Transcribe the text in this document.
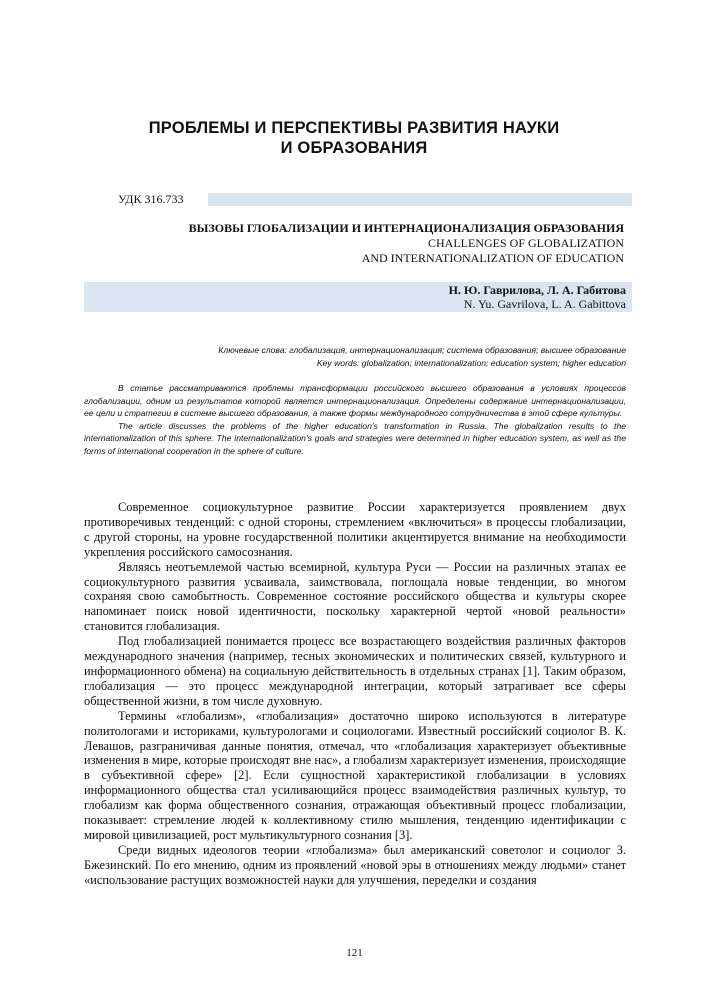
ПРОБЛЕМЫ И ПЕРСПЕКТИВЫ РАЗВИТИЯ НАУКИ
И ОБРАЗОВАНИЯ
УДК 316.733
ВЫЗОВЫ ГЛОБАЛИЗАЦИИ И ИНТЕРНАЦИОНАЛИЗАЦИЯ ОБРАЗОВАНИЯ
CHALLENGES OF GLOBALIZATION
AND INTERNATIONALIZATION OF EDUCATION
Н. Ю. Гаврилова, Л. А. Габитова
N. Yu. Gavrilova, L. A. Gabittova
Ключевые слова: глобализация, интернационализация; система образования; высшее образование
Key words: globalization; internationalization; education system; higher education

В статье рассматриваются проблемы трансформации российского высшего образования в условиях процессов глобализации, одним из результатов которой является интернационализация. Определены содержание интернационализации, ее цели и стратегии в системе высшего образования, а также формы международного сотрудничества в этой сфере культуры.

The article discusses the problems of the higher education's transformation in Russia. The globalization results to the internationalization of this sphere. The internationalization's goals and strategies were determined in higher education system, as well as the forms of international cooperation in the sphere of culture.

Современное социокультурное развитие России характеризуется проявлением двух противоречивых тенденций: с одной стороны, стремлением «включиться» в процессы глобализации, с другой стороны, на уровне государственной политики акцентируется внимание на необходимости укрепления российского самосознания.

Являясь неотъемлемой частью всемирной, культура Руси — России на различных этапах ее социокультурного развития усваивала, заимствовала, поглощала новые тенденции, во многом сохраняя свою самобытность. Современное состояние российского общества и культуры скорее напоминает поиск новой идентичности, поскольку характерной чертой «новой реальности» становится глобализация.

Под глобализацией понимается процесс все возрастающего воздействия различных факторов международного значения (например, тесных экономических и политических связей, культурного и информационного обмена) на социальную действительность в отдельных странах [1]. Таким образом, глобализация — это процесс международной интеграции, который затрагивает все сферы общественной жизни, в том числе духовную.

Термины «глобализм», «глобализация» достаточно широко используются в литературе политологами и историками, культурологами и социологами. Известный российский социолог В. К. Левашов, разграничивая данные понятия, отмечал, что «глобализация характеризует объективные изменения в мире, которые происходят вне нас», а глобализм характеризует изменения, происходящие в субъективной сфере» [2]. Если сущностной характеристикой глобализации в условиях информационного общества стал усиливающийся процесс взаимодействия различных культур, то глобализм как форма общественного сознания, отражающая объективный процесс глобализации, показывает: стремление людей к коллективному стилю мышления, тенденцию идентификации с мировой цивилизацией, рост мультикультурного сознания [3].

Среди видных идеологов теории «глобализма» был американский советолог и социолог З. Бжезинский. По его мнению, одним из проявлений «новой эры в отношениях между людьми» станет «использование растущих возможностей науки для улучшения, переделки и создания

121
